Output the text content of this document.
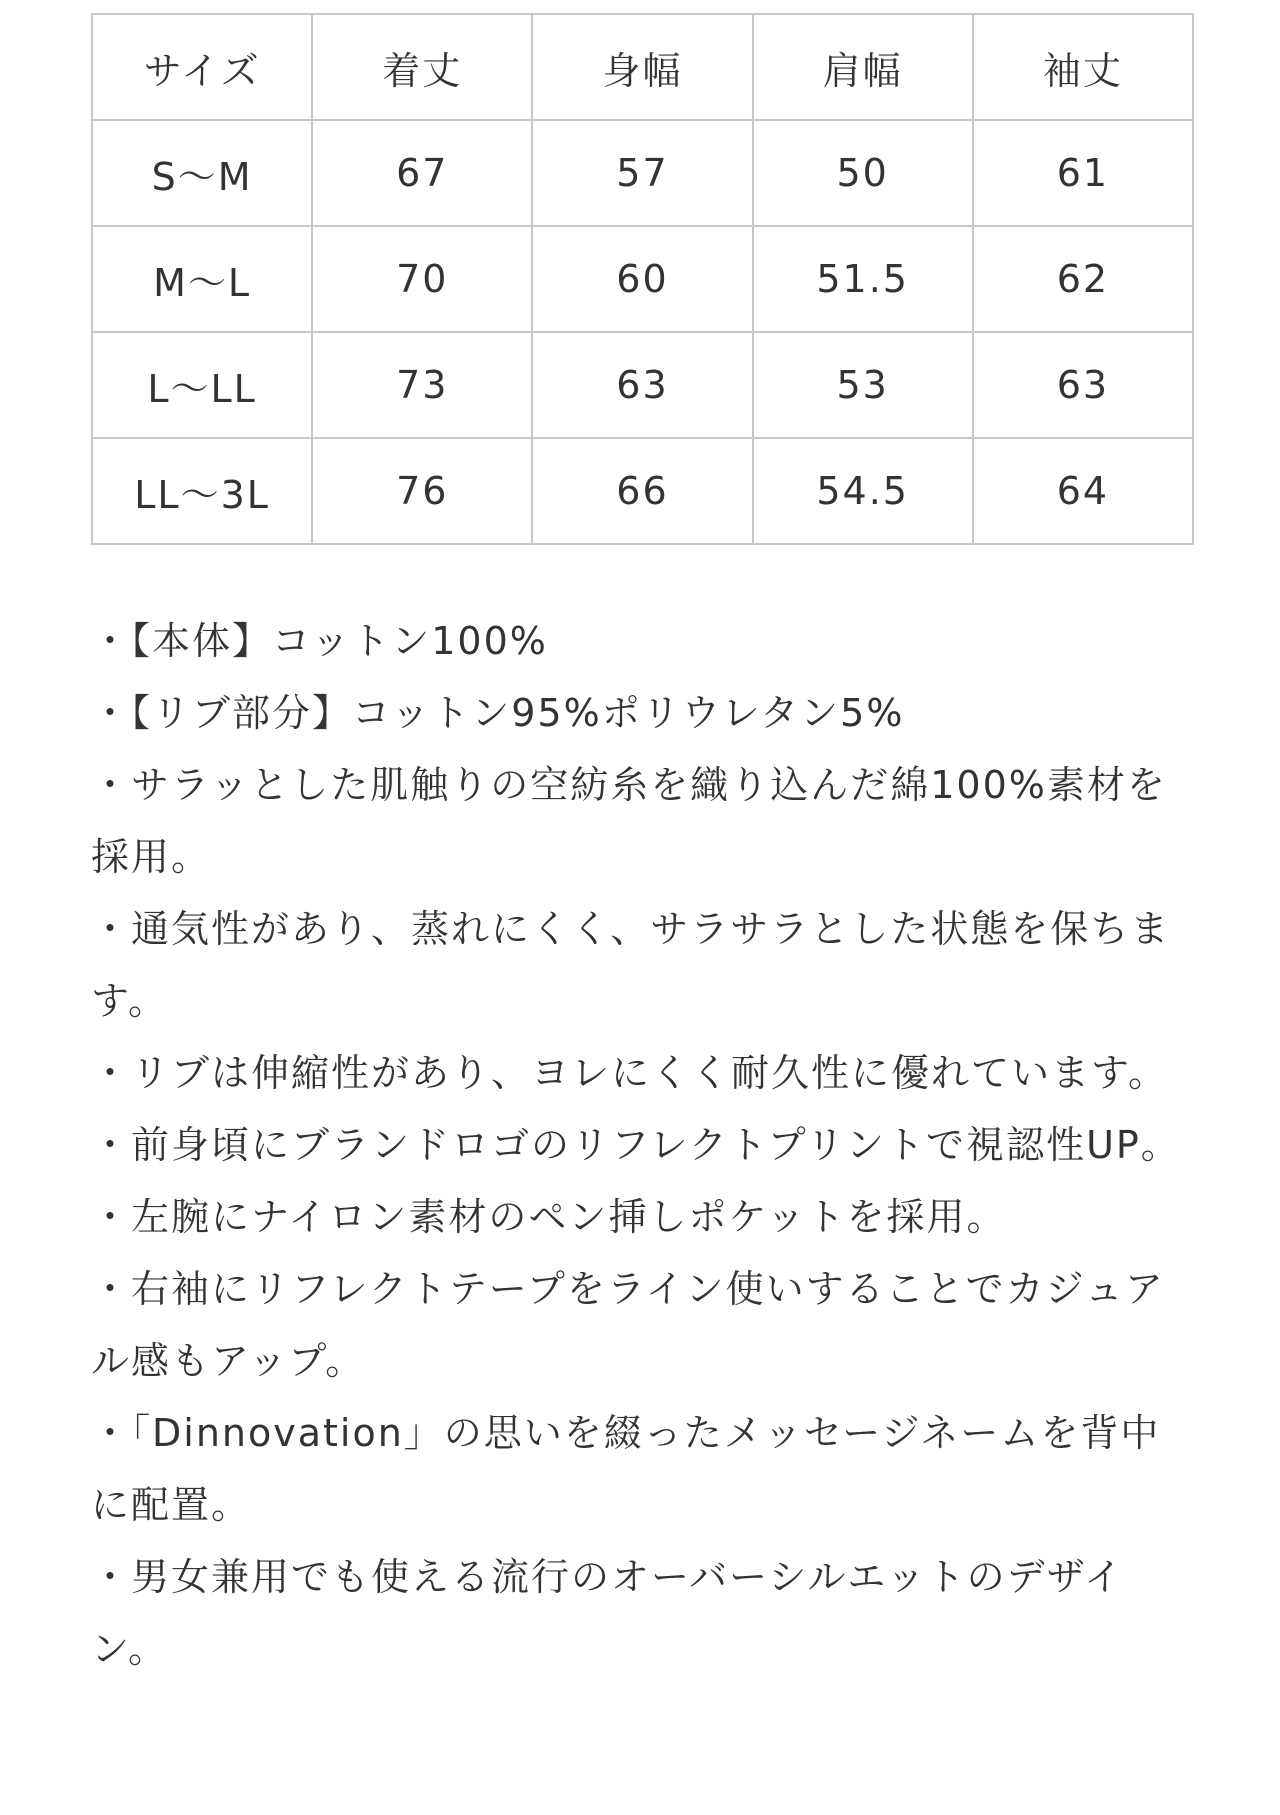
サイズ	着丈	身幅	肩幅	袖丈
S〜M	67	57	50	61
M〜L	70	60	51.5	62
L〜LL	73	63	53	63
LL〜3L	76	66	54.5	64
・【本体】コットン100%
・【リブ部分】コットン95%ポリウレタン5%
・サラッとした肌触りの空紡糸を織り込んだ綿100%素材を採用。
・通気性があり、蒸れにくく、サラサラとした状態を保ちます。
・リブは伸縮性があり、ヨレにくく耐久性に優れています。
・前身頃にブランドロゴのリフレクトプリントで視認性UP。
・左腕にナイロン素材のペン挿しポケットを採用。
・右袖にリフレクトテープをライン使いすることでカジュアル感もアップ。
・「Dinnovation」の思いを綴ったメッセージネームを背中に配置。
・男女兼用でも使える流行のオーバーシルエットのデザイン。
